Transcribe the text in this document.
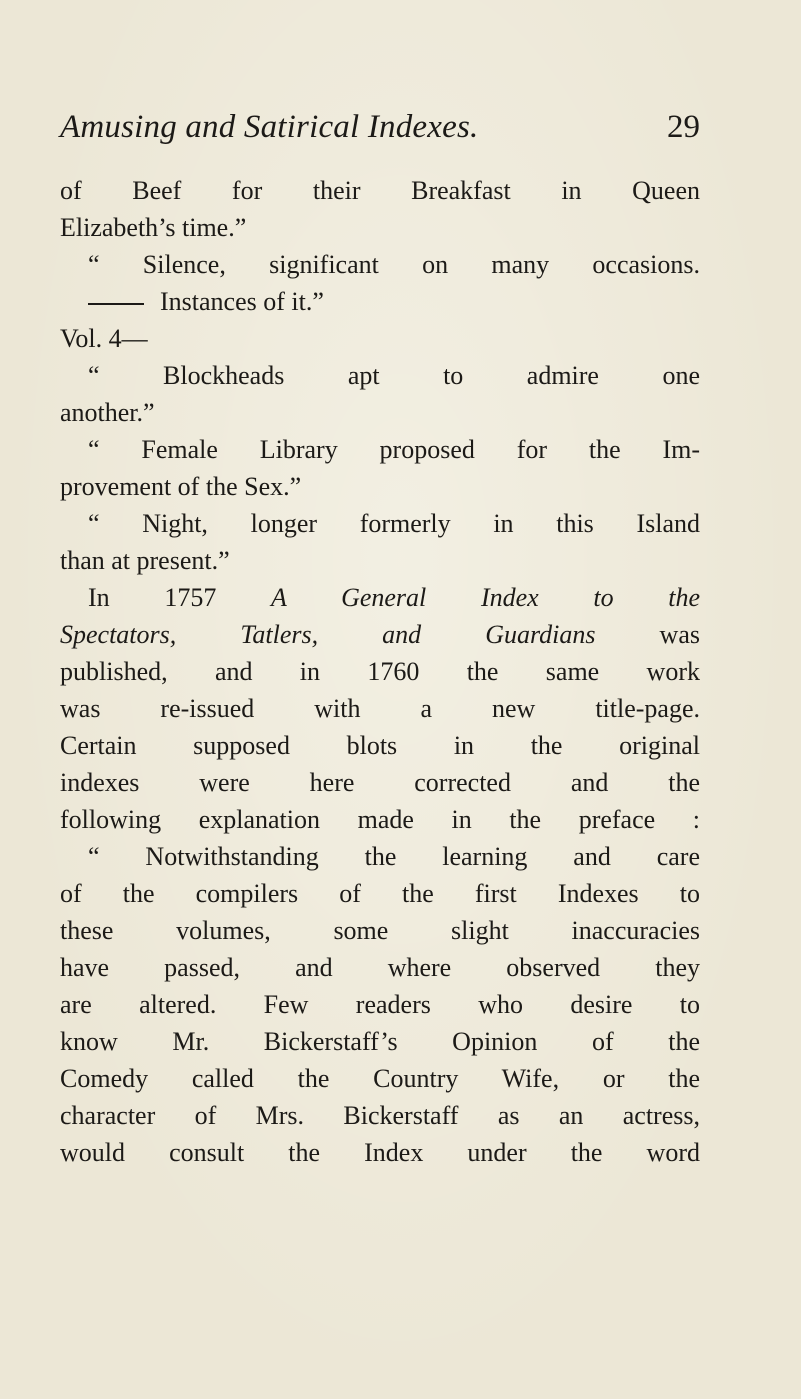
Amusing and Satirical Indexes.	29
of Beef for their Breakfast in Queen
Elizabeth’s time.”
“ Silence, significant on many occasions.
Instances of it.”
Vol. 4—
“ Blockheads apt to admire one
another.”
“ Female Library proposed for the Im-
provement of the Sex.”
“ Night, longer formerly in this Island
than at present.”
In 1757 A General Index to the
Spectators, Tatlers, and Guardians was
published, and in 1760 the same work
was re-issued with a new title-page.
Certain supposed blots in the original
indexes were here corrected and the
following explanation made in the preface :
“ Notwithstanding the learning and care
of the compilers of the first Indexes to
these volumes, some slight inaccuracies
have passed, and where observed they
are altered. Few readers who desire to
know Mr. Bickerstaff’s Opinion of the
Comedy called the Country Wife, or the
character of Mrs. Bickerstaff as an actress,
would consult the Index under the word
